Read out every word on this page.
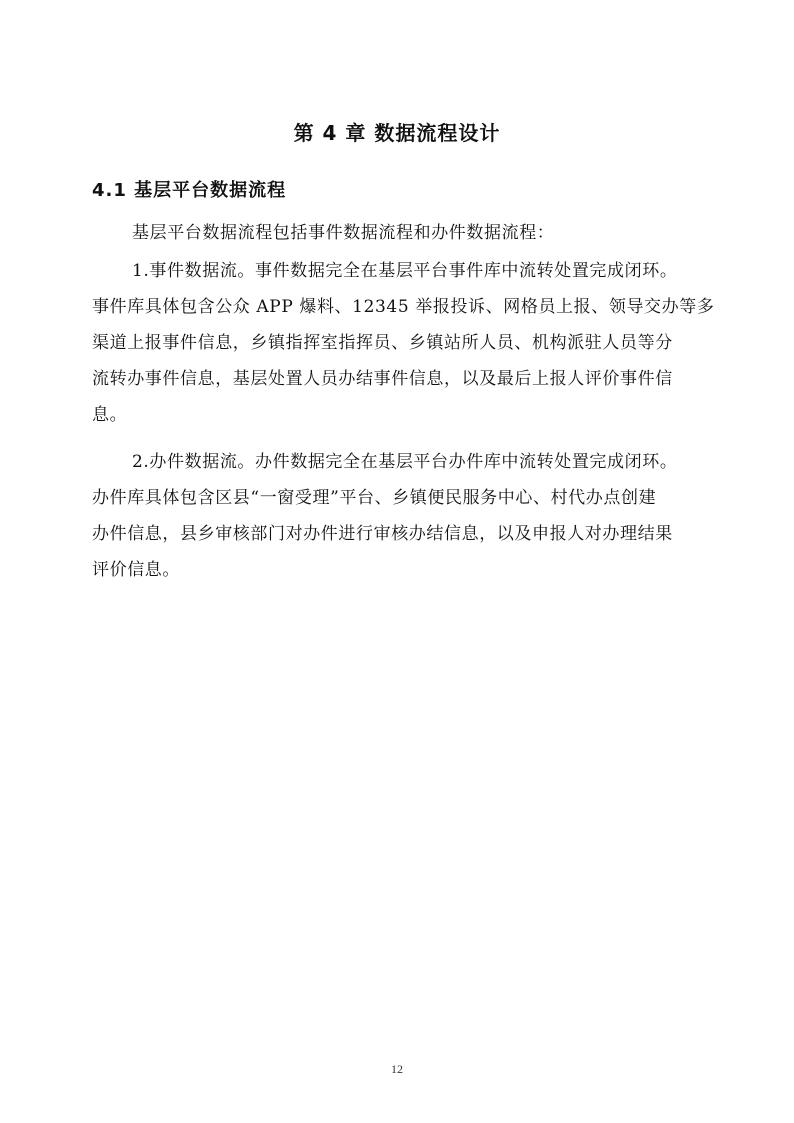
第 4 章 数据流程设计
4.1 基层平台数据流程
基层平台数据流程包括事件数据流程和办件数据流程：
1.事件数据流。事件数据完全在基层平台事件库中流转处置完成闭环。
事件库具体包含公众 APP 爆料、12345 举报投诉、网格员上报、领导交办等多
渠道上报事件信息，乡镇指挥室指挥员、乡镇站所人员、机构派驻人员等分
流转办事件信息，基层处置人员办结事件信息，以及最后上报人评价事件信
息。
2.办件数据流。办件数据完全在基层平台办件库中流转处置完成闭环。
办件库具体包含区县“一窗受理”平台、乡镇便民服务中心、村代办点创建
办件信息，县乡审核部门对办件进行审核办结信息，以及申报人对办理结果
评价信息。
12
